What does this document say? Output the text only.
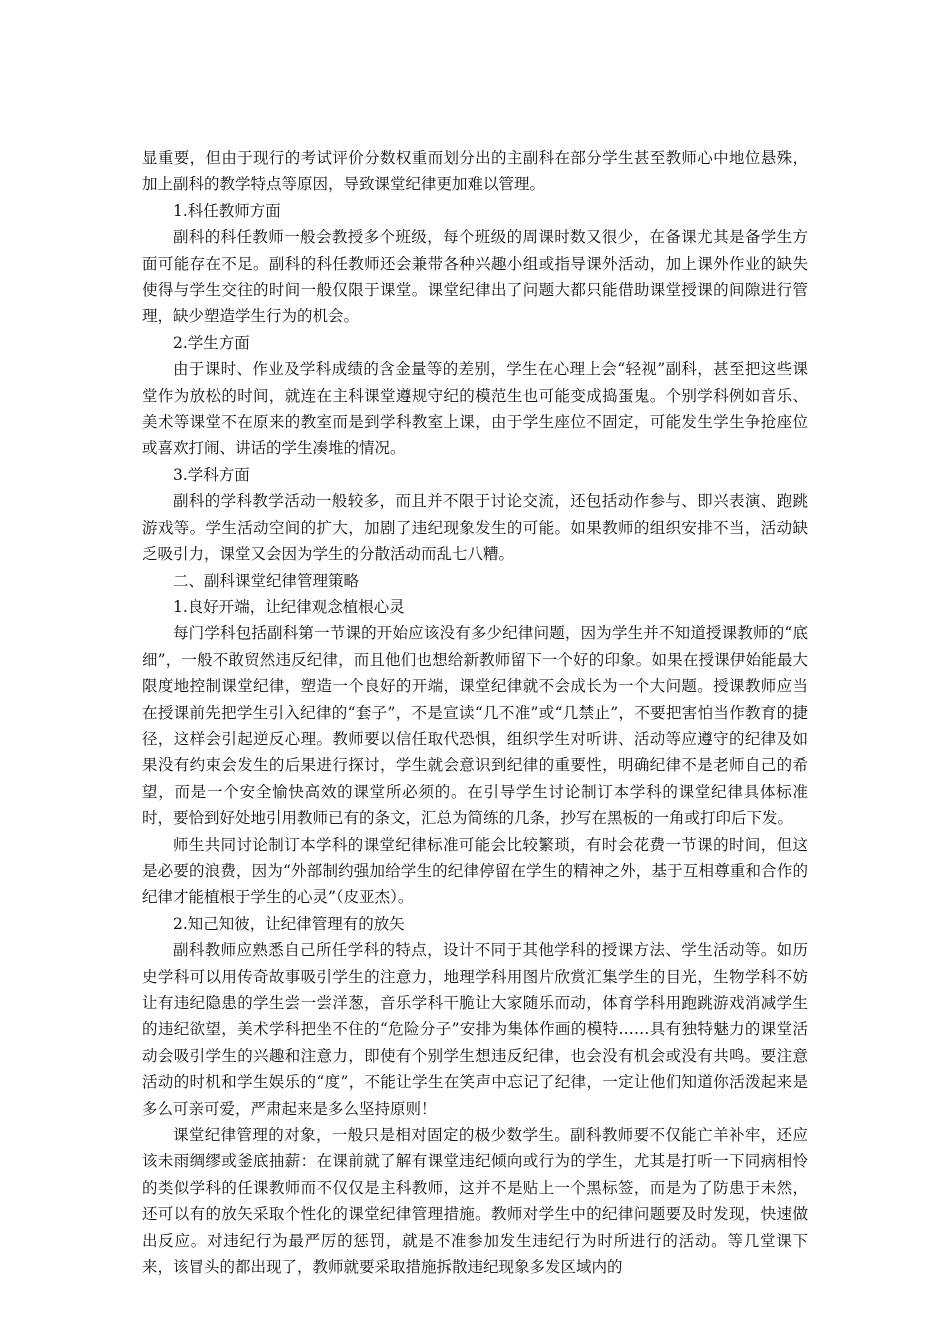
显重要，但由于现行的考试评价分数权重而划分出的主副科在部分学生甚至教师心中地位悬殊，加上副科的教学特点等原因，导致课堂纪律更加难以管理。

1.科任教师方面

副科的科任教师一般会教授多个班级，每个班级的周课时数又很少，在备课尤其是备学生方面可能存在不足。副科的科任教师还会兼带各种兴趣小组或指导课外活动，加上课外作业的缺失使得与学生交往的时间一般仅限于课堂。课堂纪律出了问题大都只能借助课堂授课的间隙进行管理，缺少塑造学生行为的机会。

2.学生方面

由于课时、作业及学科成绩的含金量等的差别，学生在心理上会“轻视”副科，甚至把这些课堂作为放松的时间，就连在主科课堂遵规守纪的模范生也可能变成捣蛋鬼。个别学科例如音乐、美术等课堂不在原来的教室而是到学科教室上课，由于学生座位不固定，可能发生学生争抢座位或喜欢打闹、讲话的学生凑堆的情况。

3.学科方面

副科的学科教学活动一般较多，而且并不限于讨论交流，还包括动作参与、即兴表演、跑跳游戏等。学生活动空间的扩大，加剧了违纪现象发生的可能。如果教师的组织安排不当，活动缺乏吸引力，课堂又会因为学生的分散活动而乱七八糟。

二、副科课堂纪律管理策略

1.良好开端，让纪律观念植根心灵

每门学科包括副科第一节课的开始应该没有多少纪律问题，因为学生并不知道授课教师的“底细”，一般不敢贸然违反纪律，而且他们也想给新教师留下一个好的印象。如果在授课伊始能最大限度地控制课堂纪律，塑造一个良好的开端，课堂纪律就不会成长为一个大问题。授课教师应当在授课前先把学生引入纪律的“套子”，不是宣读“几不准”或“几禁止”，不要把害怕当作教育的捷径，这样会引起逆反心理。教师要以信任取代恐惧，组织学生对听讲、活动等应遵守的纪律及如果没有约束会发生的后果进行探讨，学生就会意识到纪律的重要性，明确纪律不是老师自己的希望，而是一个安全愉快高效的课堂所必须的。在引导学生讨论制订本学科的课堂纪律具体标准时，要恰到好处地引用教师已有的条文，汇总为简练的几条，抄写在黑板的一角或打印后下发。

师生共同讨论制订本学科的课堂纪律标准可能会比较繁琐，有时会花费一节课的时间，但这是必要的浪费，因为“外部制约强加给学生的纪律停留在学生的精神之外，基于互相尊重和合作的纪律才能植根于学生的心灵”（皮亚杰）。

2.知己知彼，让纪律管理有的放矢

副科教师应熟悉自己所任学科的特点，设计不同于其他学科的授课方法、学生活动等。如历史学科可以用传奇故事吸引学生的注意力，地理学科用图片欣赏汇集学生的目光，生物学科不妨让有违纪隐患的学生尝一尝洋葱，音乐学科干脆让大家随乐而动，体育学科用跑跳游戏消减学生的违纪欲望，美术学科把坐不住的“危险分子”安排为集体作画的模特……具有独特魅力的课堂活动会吸引学生的兴趣和注意力，即使有个别学生想违反纪律，也会没有机会或没有共鸣。要注意活动的时机和学生娱乐的“度”，不能让学生在笑声中忘记了纪律，一定让他们知道你活泼起来是多么可亲可爱，严肃起来是多么坚持原则！

课堂纪律管理的对象，一般只是相对固定的极少数学生。副科教师要不仅能亡羊补牢，还应该未雨绸缪或釜底抽薪：在课前就了解有课堂违纪倾向或行为的学生，尤其是打听一下同病相怜的类似学科的任课教师而不仅仅是主科教师，这并不是贴上一个黑标签，而是为了防患于未然，还可以有的放矢采取个性化的课堂纪律管理措施。教师对学生中的纪律问题要及时发现，快速做出反应。对违纪行为最严厉的惩罚，就是不准参加发生违纪行为时所进行的活动。等几堂课下来，该冒头的都出现了，教师就要采取措施拆散违纪现象多发区域内的
